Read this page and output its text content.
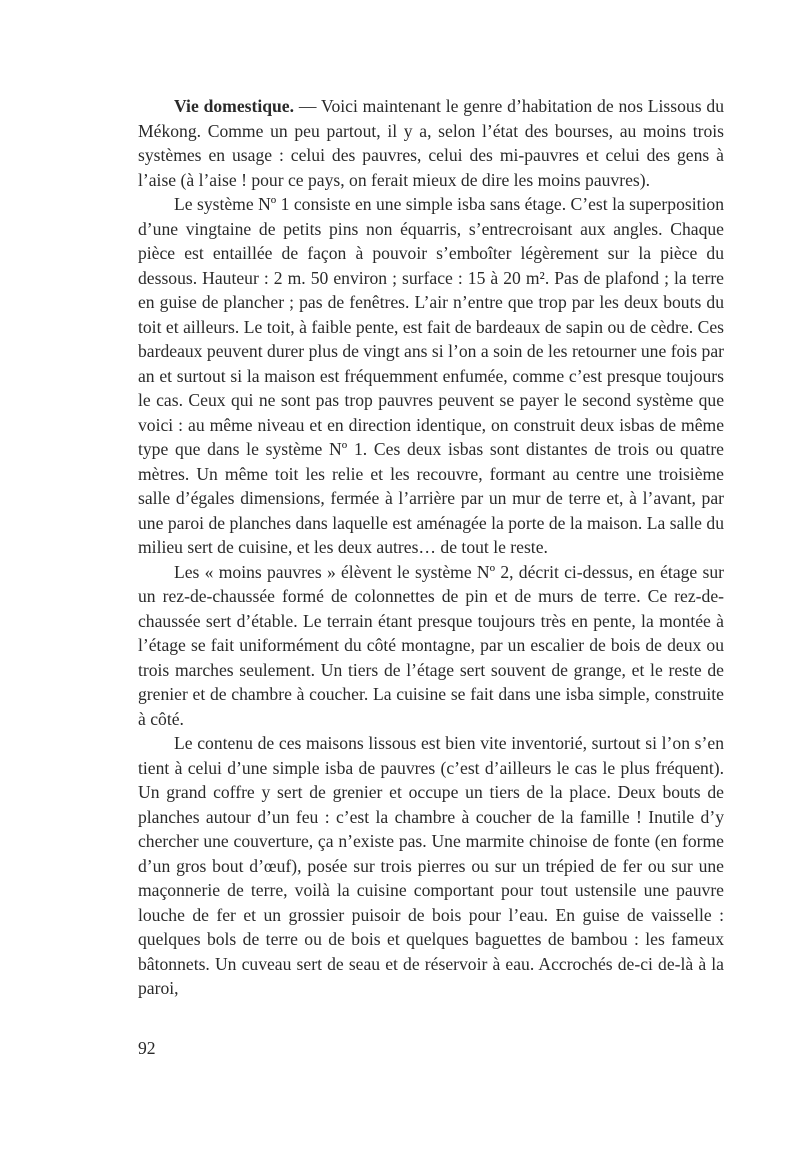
Vie domestique. — Voici maintenant le genre d’habitation de nos Lissous du Mékong. Comme un peu partout, il y a, selon l’état des bourses, au moins trois systèmes en usage : celui des pauvres, celui des mi-pauvres et celui des gens à l’aise (à l’aise ! pour ce pays, on ferait mieux de dire les moins pauvres).

Le système Nº 1 consiste en une simple isba sans étage. C’est la superposition d’une vingtaine de petits pins non équarris, s’entrecroisant aux angles. Chaque pièce est entaillée de façon à pouvoir s’emboîter légèrement sur la pièce du dessous. Hauteur : 2 m. 50 environ ; surface : 15 à 20 m². Pas de plafond ; la terre en guise de plancher ; pas de fenêtres. L’air n’entre que trop par les deux bouts du toit et ailleurs. Le toit, à faible pente, est fait de bardeaux de sapin ou de cèdre. Ces bardeaux peuvent durer plus de vingt ans si l’on a soin de les retourner une fois par an et surtout si la maison est fréquemment enfumée, comme c’est presque toujours le cas. Ceux qui ne sont pas trop pauvres peuvent se payer le second système que voici : au même niveau et en direction identique, on construit deux isbas de même type que dans le système Nº 1. Ces deux isbas sont distantes de trois ou quatre mètres. Un même toit les relie et les recouvre, formant au centre une troisième salle d’égales dimensions, fermée à l’arrière par un mur de terre et, à l’avant, par une paroi de planches dans laquelle est aménagée la porte de la maison. La salle du milieu sert de cuisine, et les deux autres… de tout le reste.

Les « moins pauvres » élèvent le système Nº 2, décrit ci-dessus, en étage sur un rez-de-chaussée formé de colonnettes de pin et de murs de terre. Ce rez-de-chaussée sert d’étable. Le terrain étant presque toujours très en pente, la montée à l’étage se fait uniformément du côté montagne, par un escalier de bois de deux ou trois marches seulement. Un tiers de l’étage sert souvent de grange, et le reste de grenier et de chambre à coucher. La cuisine se fait dans une isba simple, construite à côté.

Le contenu de ces maisons lissous est bien vite inventorié, surtout si l’on s’en tient à celui d’une simple isba de pauvres (c’est d’ailleurs le cas le plus fréquent). Un grand coffre y sert de grenier et occupe un tiers de la place. Deux bouts de planches autour d’un feu : c’est la chambre à coucher de la famille ! Inutile d’y chercher une couverture, ça n’existe pas. Une marmite chinoise de fonte (en forme d’un gros bout d’œuf), posée sur trois pierres ou sur un trépied de fer ou sur une maçonnerie de terre, voilà la cuisine comportant pour tout ustensile une pauvre louche de fer et un grossier puisoir de bois pour l’eau. En guise de vaisselle : quelques bols de terre ou de bois et quelques baguettes de bambou : les fameux bâtonnets. Un cuveau sert de seau et de réservoir à eau. Accrochés de-ci de-là à la paroi,

92
